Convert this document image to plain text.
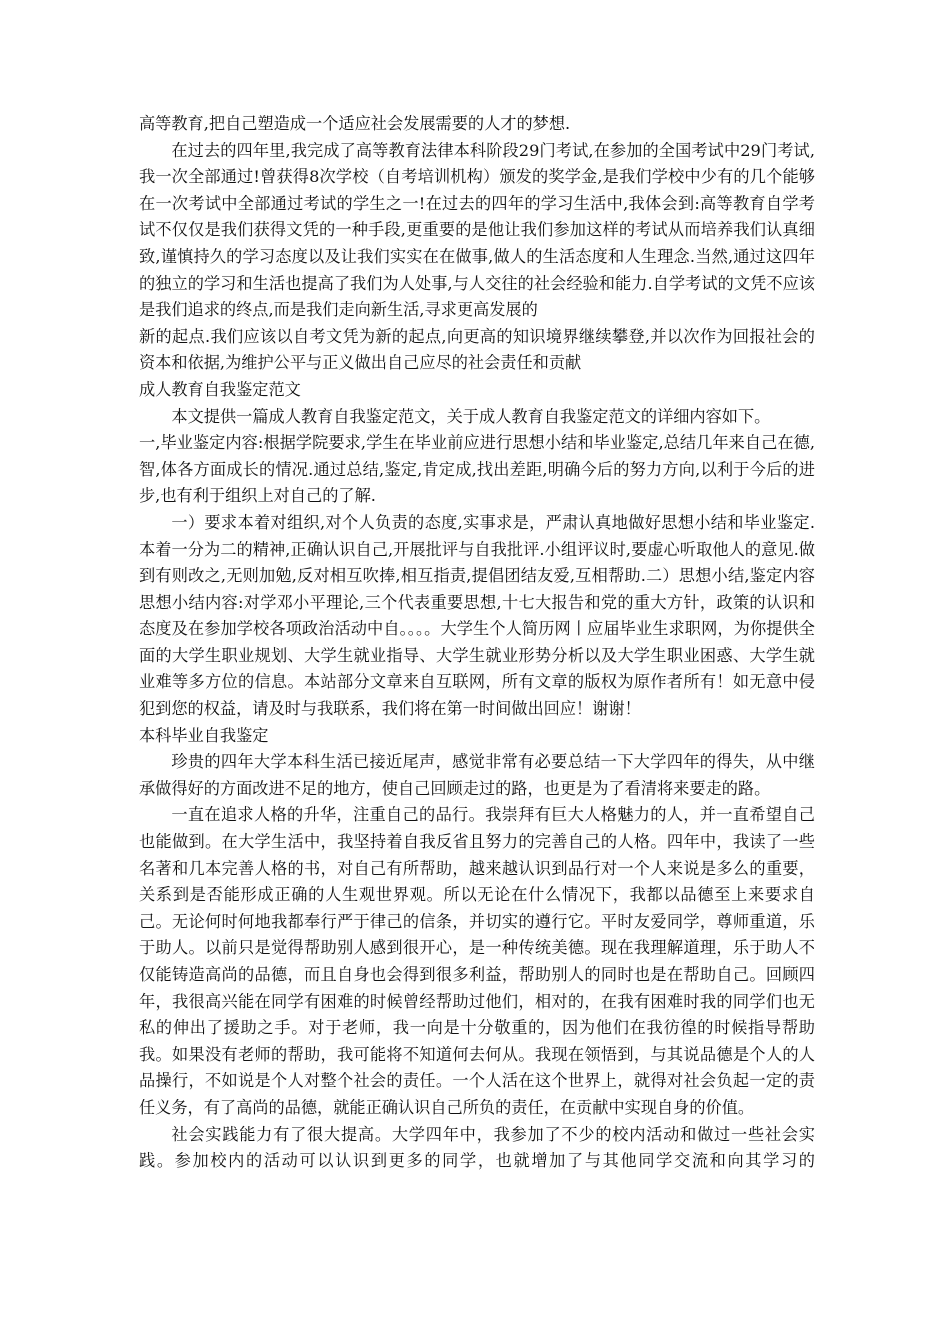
高等教育,把自己塑造成一个适应社会发展需要的人才的梦想.

在过去的四年里,我完成了高等教育法律本科阶段29门考试,在参加的全国考试中29门考试,我一次全部通过!曾获得8次学校（自考培训机构）颁发的奖学金,是我们学校中少有的几个能够在一次考试中全部通过考试的学生之一!在过去的四年的学习生活中,我体会到:高等教育自学考试不仅仅是我们获得文凭的一种手段,更重要的是他让我们参加这样的考试从而培养我们认真细致,谨慎持久的学习态度以及让我们实实在在做事,做人的生活态度和人生理念.当然,通过这四年的独立的学习和生活也提高了我们为人处事,与人交往的社会经验和能力.自学考试的文凭不应该是我们追求的终点,而是我们走向新生活,寻求更高发展的

新的起点.我们应该以自考文凭为新的起点,向更高的知识境界继续攀登,并以次作为回报社会的资本和依据,为维护公平与正义做出自己应尽的社会责任和贡献

成人教育自我鉴定范文

本文提供一篇成人教育自我鉴定范文，关于成人教育自我鉴定范文的详细内容如下。

一,毕业鉴定内容:根据学院要求,学生在毕业前应进行思想小结和毕业鉴定,总结几年来自己在德,智,体各方面成长的情况.通过总结,鉴定,肯定成,找出差距,明确今后的努力方向,以利于今后的进步,也有利于组织上对自己的了解.

一）要求本着对组织,对个人负责的态度,实事求是，严肃认真地做好思想小结和毕业鉴定.本着一分为二的精神,正确认识自己,开展批评与自我批评.小组评议时,要虚心听取他人的意见.做到有则改之,无则加勉,反对相互吹捧,相互指责,提倡团结友爱,互相帮助.二）思想小结,鉴定内容思想小结内容:对学邓小平理论,三个代表重要思想,十七大报告和党的重大方针，政策的认识和态度及在参加学校各项政治活动中自。。。。大学生个人简历网丨应届毕业生求职网，为你提供全面的大学生职业规划、大学生就业指导、大学生就业形势分析以及大学生职业困惑、大学生就业难等多方位的信息。本站部分文章来自互联网，所有文章的版权为原作者所有！如无意中侵犯到您的权益，请及时与我联系，我们将在第一时间做出回应！谢谢！

本科毕业自我鉴定

珍贵的四年大学本科生活已接近尾声，感觉非常有必要总结一下大学四年的得失，从中继承做得好的方面改进不足的地方，使自己回顾走过的路，也更是为了看清将来要走的路。

一直在追求人格的升华，注重自己的品行。我崇拜有巨大人格魅力的人，并一直希望自己也能做到。在大学生活中，我坚持着自我反省且努力的完善自己的人格。四年中，我读了一些名著和几本完善人格的书，对自己有所帮助，越来越认识到品行对一个人来说是多么的重要，关系到是否能形成正确的人生观世界观。所以无论在什么情况下，我都以品德至上来要求自己。无论何时何地我都奉行严于律己的信条，并切实的遵行它。平时友爱同学，尊师重道，乐于助人。以前只是觉得帮助别人感到很开心，是一种传统美德。现在我理解道理，乐于助人不仅能铸造高尚的品德，而且自身也会得到很多利益，帮助别人的同时也是在帮助自己。回顾四年，我很高兴能在同学有困难的时候曾经帮助过他们，相对的，在我有困难时我的同学们也无私的伸出了援助之手。对于老师，我一向是十分敬重的，因为他们在我彷徨的时候指导帮助我。如果没有老师的帮助，我可能将不知道何去何从。我现在领悟到，与其说品德是个人的人品操行，不如说是个人对整个社会的责任。一个人活在这个世界上，就得对社会负起一定的责任义务，有了高尚的品德，就能正确认识自己所负的责任，在贡献中实现自身的价值。

社会实践能力有了很大提高。大学四年中，我参加了不少的校内活动和做过一些社会实践。参加校内的活动可以认识到更多的同学，也就增加了与其他同学交流和向其学习的
